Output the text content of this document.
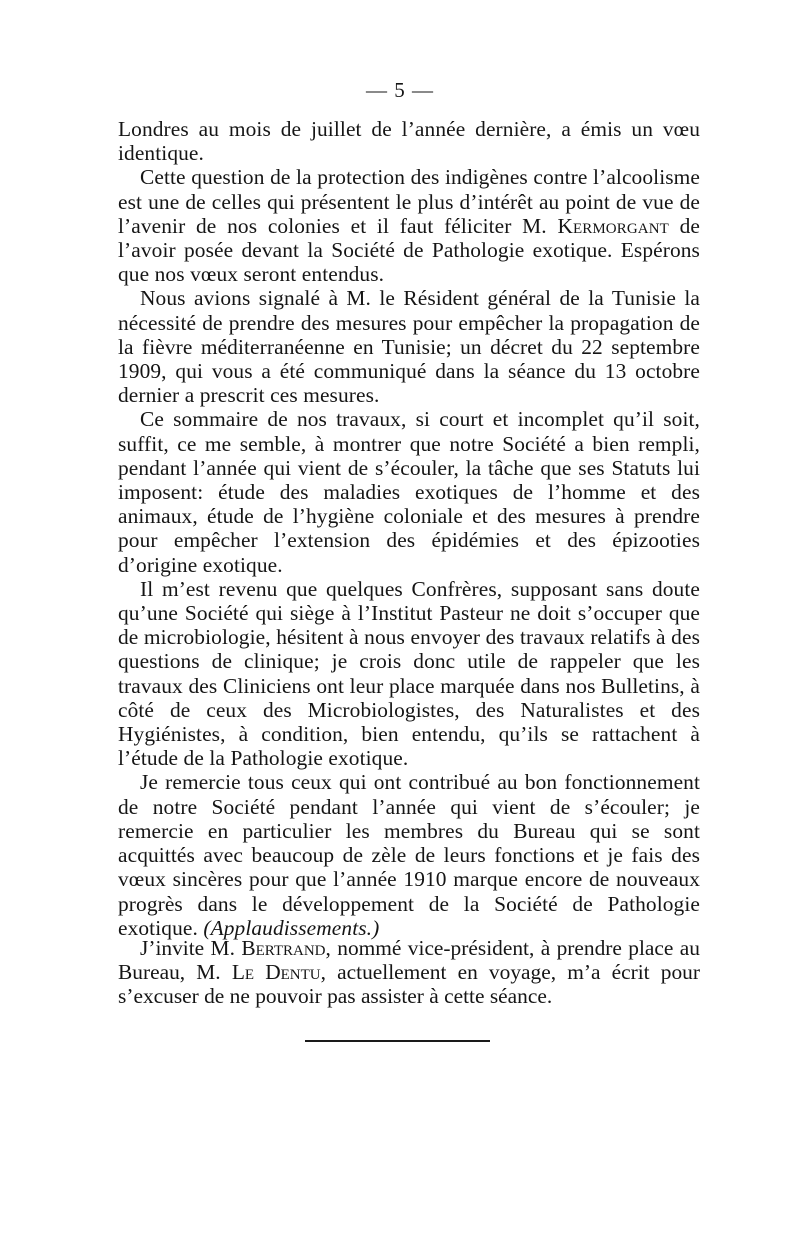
— 5 —

Londres au mois de juillet de l’année dernière, a émis un vœu identique.

Cette question de la protection des indigènes contre l’alcoolisme est une de celles qui présentent le plus d’intérêt au point de vue de l’avenir de nos colonies et il faut féliciter M. Kermorgant de l’avoir posée devant la Société de Pathologie exotique. Espérons que nos vœux seront entendus.

Nous avions signalé à M. le Résident général de la Tunisie la nécessité de prendre des mesures pour empêcher la propagation de la fièvre méditerranéenne en Tunisie; un décret du 22 septembre 1909, qui vous a été communiqué dans la séance du 13 octobre dernier a prescrit ces mesures.

Ce sommaire de nos travaux, si court et incomplet qu’il soit, suffit, ce me semble, à montrer que notre Société a bien rempli, pendant l’année qui vient de s’écouler, la tâche que ses Statuts lui imposent: étude des maladies exotiques de l’homme et des animaux, étude de l’hygiène coloniale et des mesures à prendre pour empêcher l’extension des épidémies et des épizooties d’origine exotique.

Il m’est revenu que quelques Confrères, supposant sans doute qu’une Société qui siège à l’Institut Pasteur ne doit s’occuper que de microbiologie, hésitent à nous envoyer des travaux relatifs à des questions de clinique; je crois donc utile de rappeler que les travaux des Cliniciens ont leur place marquée dans nos Bulletins, à côté de ceux des Microbiologistes, des Naturalistes et des Hygiénistes, à condition, bien entendu, qu’ils se rattachent à l’étude de la Pathologie exotique.

Je remercie tous ceux qui ont contribué au bon fonctionnement de notre Société pendant l’année qui vient de s’écouler; je remercie en particulier les membres du Bureau qui se sont acquittés avec beaucoup de zèle de leurs fonctions et je fais des vœux sincères pour que l’année 1910 marque encore de nouveaux progrès dans le développement de la Société de Pathologie exotique. (Applaudissements.)

J’invite M. Bertrand, nommé vice-président, à prendre place au Bureau, M. Le Dentu, actuellement en voyage, m’a écrit pour s’excuser de ne pouvoir pas assister à cette séance.
